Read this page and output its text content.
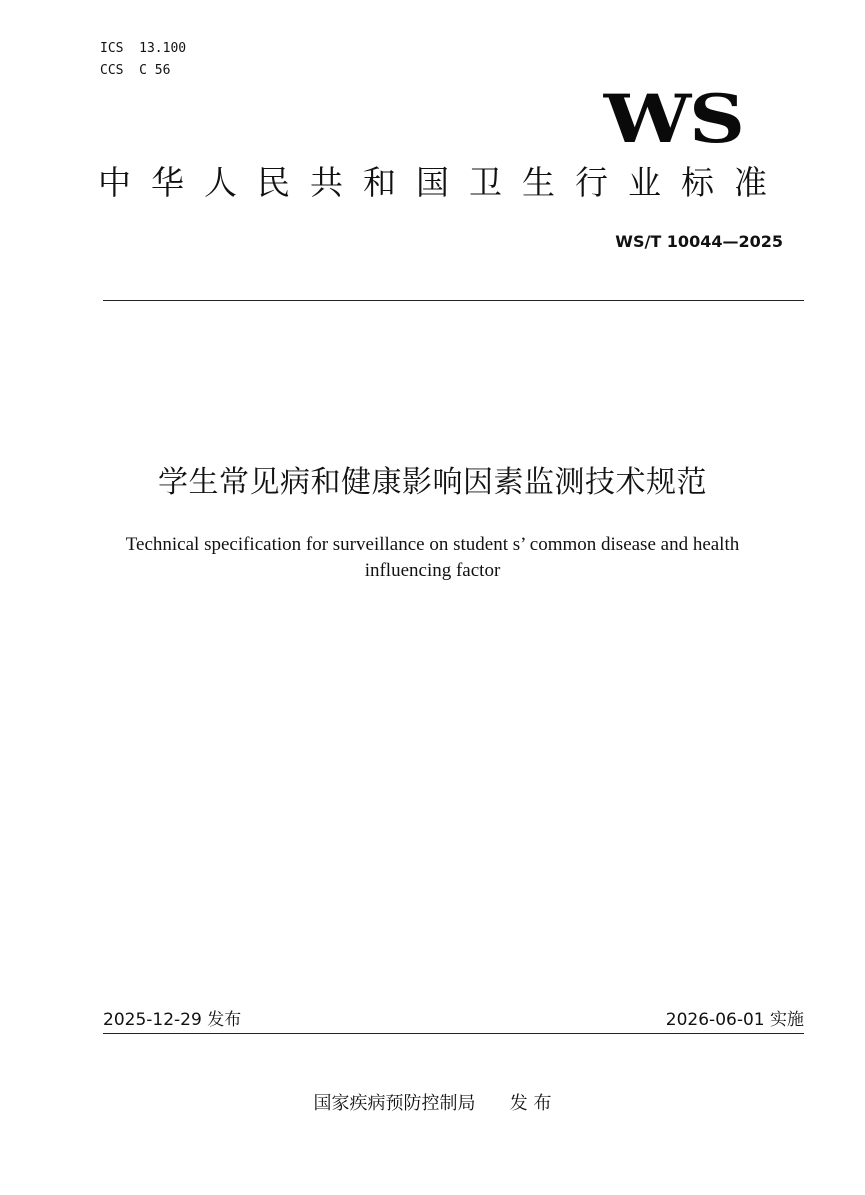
ICS  13.100
CCS  C 56
WS
中华人民共和国卫生行业标准
WS/T 10044—2025
学生常见病和健康影响因素监测技术规范
Technical specification for surveillance on student s’ common disease and health influencing factor
2025-12-29 发布	2026-06-01 实施
国家疾病预防控制局      发 布
